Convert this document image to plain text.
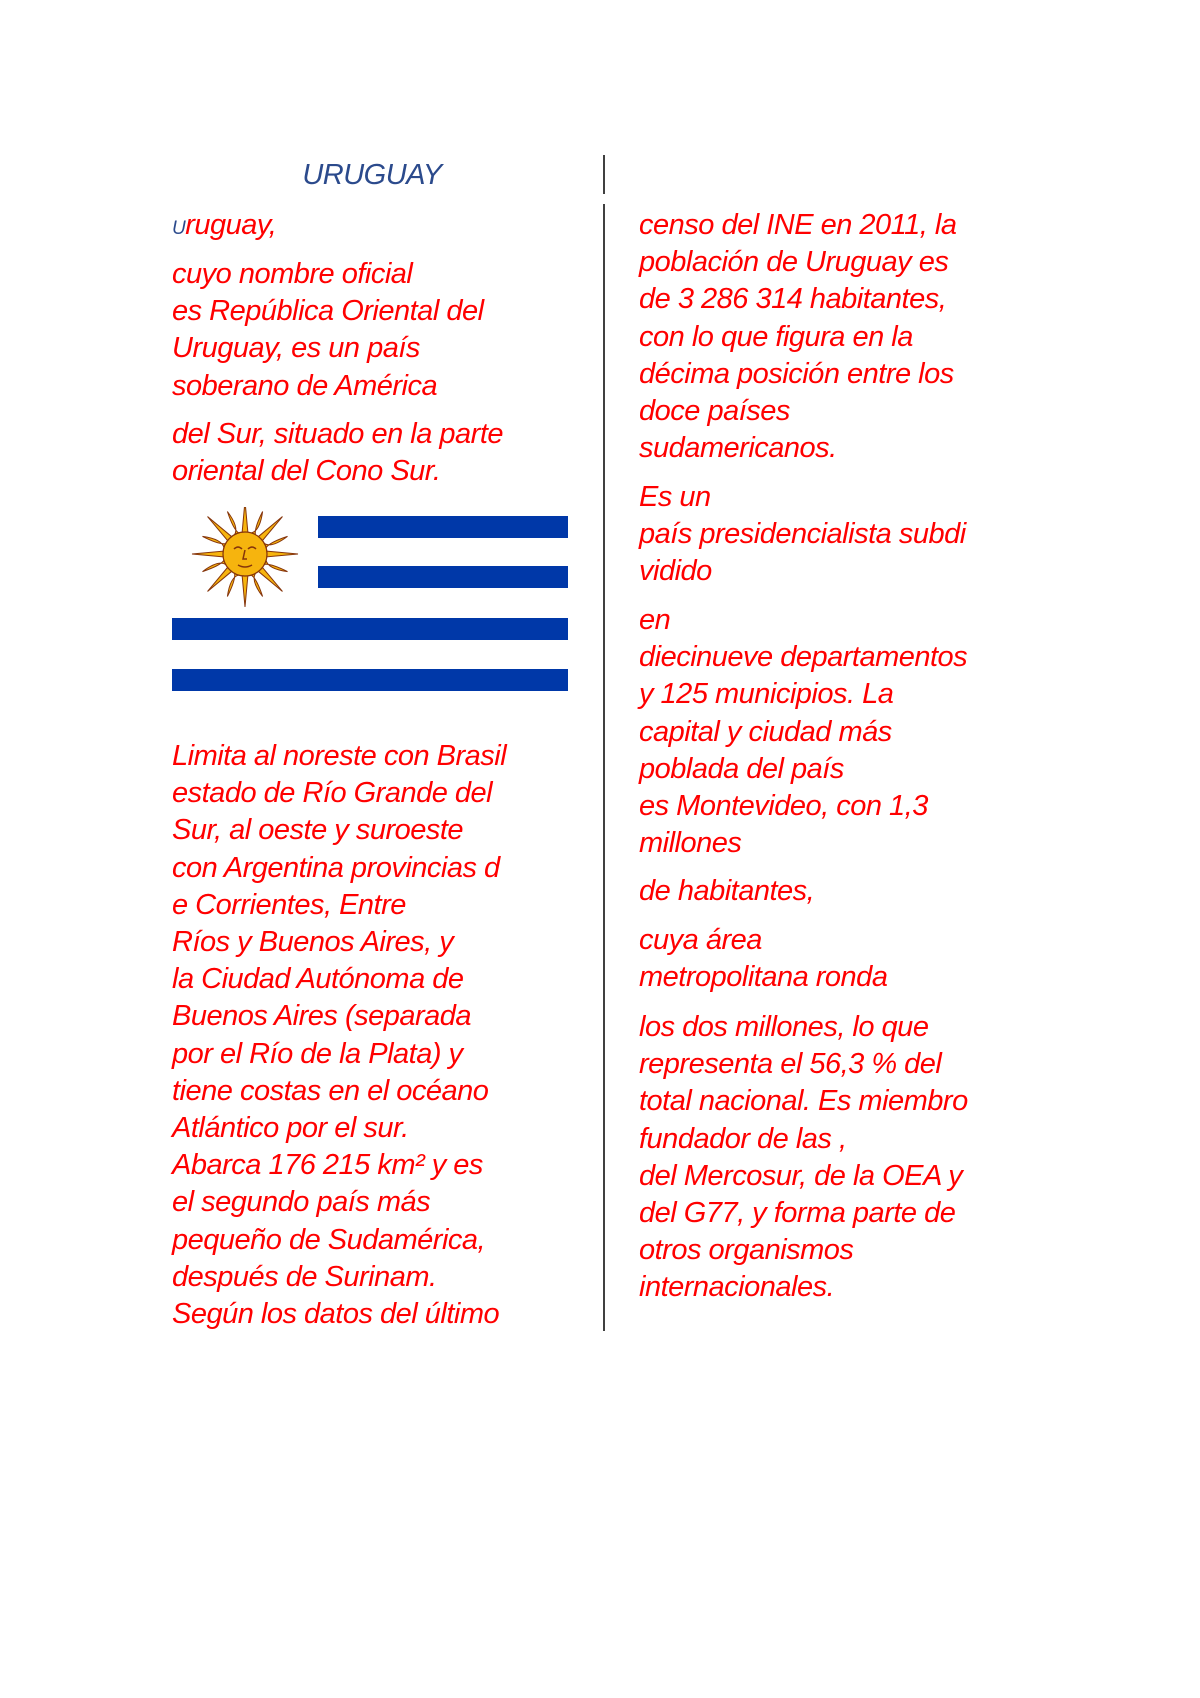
URUGUAY
Uruguay,
cuyo nombre oficial
es República Oriental del
Uruguay, es un país
soberano de América
del Sur, situado en la parte
oriental del Cono Sur.
Limita al noreste con Brasil
estado de Río Grande del
Sur, al oeste y suroeste
con Argentina provincias d
e Corrientes, Entre
Ríos y Buenos Aires, y
la Ciudad Autónoma de
Buenos Aires (separada
por el Río de la Plata) y
tiene costas en el océano
Atlántico por el sur.
Abarca 176 215 km² y es
el segundo país más
pequeño de Sudamérica,
después de Surinam.
Según los datos del último
censo del INE en 2011, la
población de Uruguay es
de 3 286 314 habitantes,
con lo que figura en la
décima posición entre los
doce países
sudamericanos.
Es un
país presidencialista subdi
vidido
en
diecinueve departamentos
y 125 municipios. La
capital y ciudad más
poblada del país
es Montevideo, con 1,3
millones
de habitantes,
cuya área
metropolitana ronda
los dos millones, lo que
representa el 56,3 % del
total nacional. Es miembro
fundador de las ,
del Mercosur, de la OEA y
del G77, y forma parte de
otros organismos
internacionales.
